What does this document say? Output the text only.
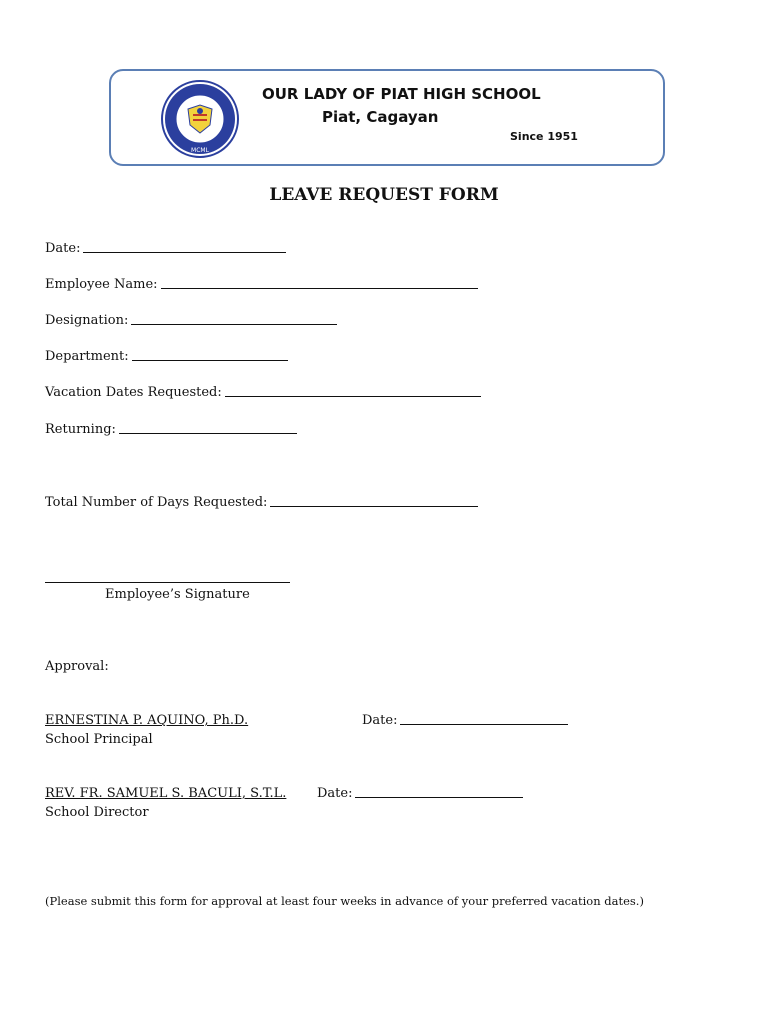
MCML
OUR LADY OF PIAT HIGH SCHOOL
Piat, Cagayan
Since 1951
LEAVE REQUEST FORM
Date:
Employee Name:
Designation:
Department:
Vacation Dates Requested:
Returning:
Total Number of Days Requested:
Employee’s Signature
Approval:
ERNESTINA P. AQUINO, Ph.D.
School Principal
Date:
REV. FR. SAMUEL S. BACULI, S.T.L.
School Director
Date:
(Please submit this form for approval at least four weeks in advance of your preferred vacation dates.)
